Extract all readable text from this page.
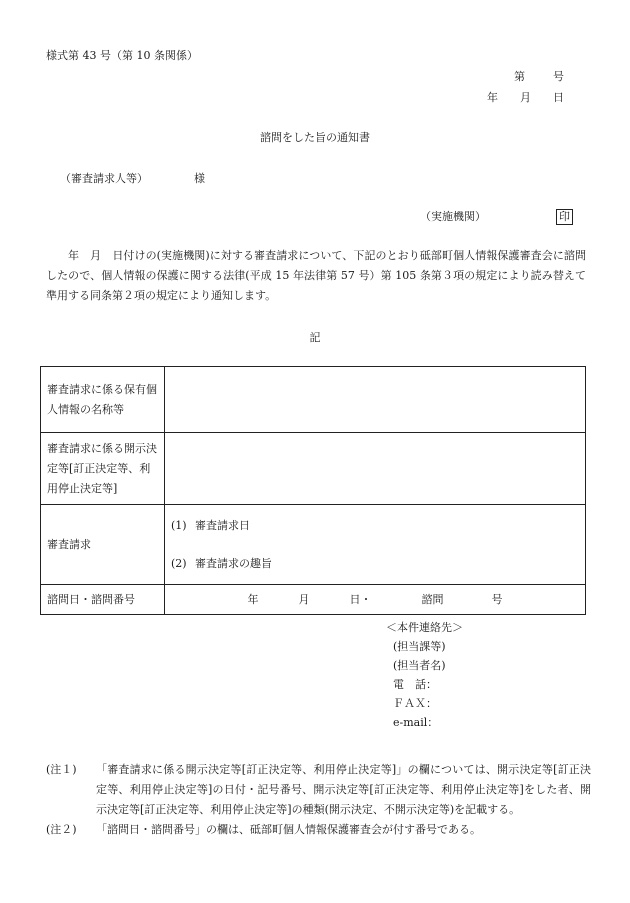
様式第 43 号（第 10 条関係）
第	号
年 月 日
諮問をした旨の通知書
（審査請求人等）	様
（実施機関）	印
年　月　日付けの(実施機関)に対する審査請求について、下記のとおり砥部町個人情報保護審査会に諮問したので、個人情報の保護に関する法律(平成 15 年法律第 57 号）第 105 条第３項の規定により読み替えて準用する同条第２項の規定により通知します。
記
審査請求に係る保有個人情報の名称等	
審査請求に係る開示決定等[訂正決定等、利用停止決定等]	
審査請求	(1) 審査請求日
(2) 審査請求の趣旨

諮問日・諮問番号	年 月 日・ 諮問 号
＜本件連絡先＞
(担当課等)
(担当者名)
電　話：
ＦＡＸ：
e-mail：
(注１)	「審査請求に係る開示決定等[訂正決定等、利用停止決定等]」の欄については、開示決定等[訂正決定等、利用停止決定等]の日付・記号番号、開示決定等[訂正決定等、利用停止決定等]をした者、開示決定等[訂正決定等、利用停止決定等]の種類(開示決定、不開示決定等)を記載する。
(注２)	「諮問日・諮問番号」の欄は、砥部町個人情報保護審査会が付す番号である。
